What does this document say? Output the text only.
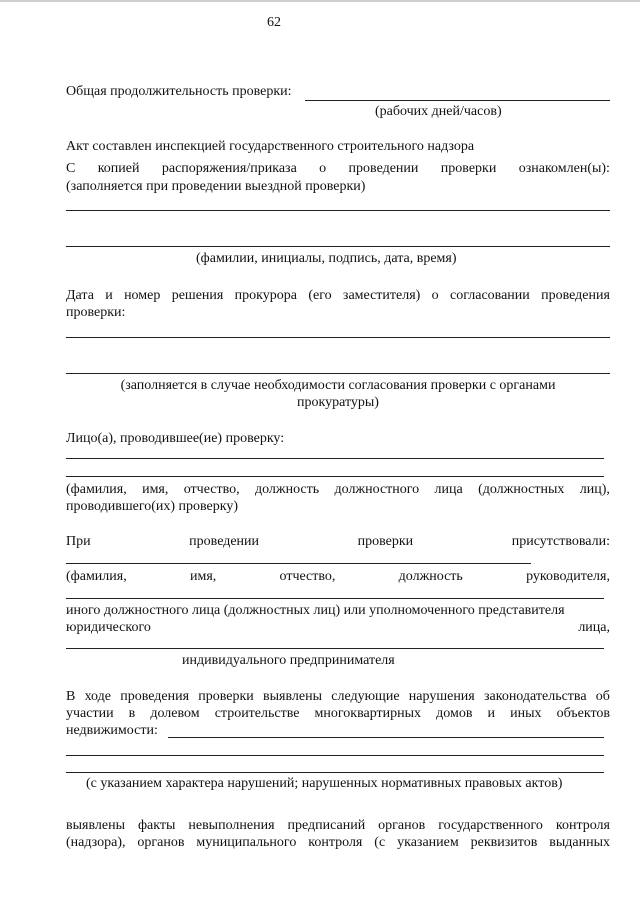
62
Общая продолжительность проверки:
(рабочих дней/часов)
Акт составлен инспекцией государственного строительного надзора
С копией распоряжения/приказа о проведении проверки ознакомлен(ы):
(заполняется при проведении выездной проверки)
(фамилии, инициалы, подпись, дата, время)
Дата и номер решения прокурора (его заместителя) о согласовании проведения
проверки:
(заполняется в случае необходимости согласования проверки с органами
прокуратуры)
Лицо(а), проводившее(ие) проверку:
(фамилия, имя, отчество, должность должностного лица (должностных лиц),
проводившего(их) проверку)
При	проведении	проверки	присутствовали:
(фамилия,	имя,	отчество,	должность	руководителя,
иного должностного лица (должностных лиц) или уполномоченного представителя
юридического	лица,
индивидуального предпринимателя
В ходе проведения проверки выявлены следующие нарушения законодательства об
участии в долевом строительстве многоквартирных домов и иных объектов
недвижимости:
(с указанием характера нарушений; нарушенных нормативных правовых актов)
выявлены факты невыполнения предписаний органов государственного контроля
(надзора), органов муниципального контроля (с указанием реквизитов выданных
